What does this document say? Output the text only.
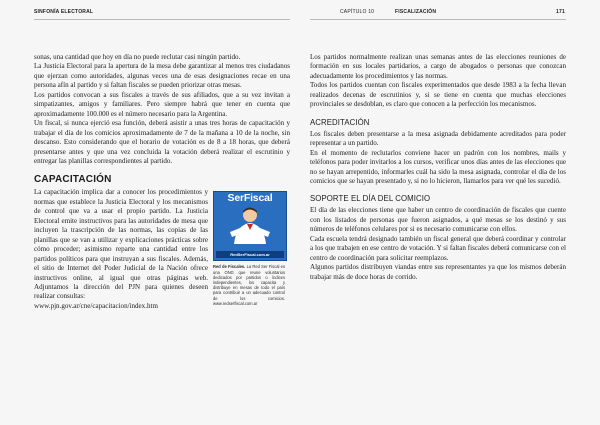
SINFONÍA ELECTORAL	CAPÍTULO 10	FISCALIZACIÓN	171

sonas, una cantidad que hoy en día no puede reclutar casi ningún partido.

La Justicia Electoral para la apertura de la mesa debe garantizar al menos tres ciudadanos que ejerzan como autoridades, algunas veces una de esas designaciones recae en una persona afín al partido y si faltan fiscales se pueden priorizar otras mesas.

Los partidos convocan a sus fiscales a través de sus afiliados, que a su vez invitan a simpatizantes, amigos y familiares. Pero siempre habrá que tener en cuenta que aproximadamente 100.000 es el número necesario para la Argentina.

Un fiscal, si nunca ejerció esa función, deberá asistir a unas tres horas de capacitación y trabajar el día de los comicios aproximadamente de 7 de la mañana a 10 de la noche, sin descanso. Esto considerando que el horario de votación es de 8 a 18 horas, que deberá presentarse antes y que una vez concluida la votación deberá realizar el escrutinio y entregar las planillas correspondientes al partido.

CAPACITACIÓN
SerFiscal
RedSerFiscal.com.ar
Red de Fiscales. La Red Ser Fiscal es una ONG que reune voluntarios dedicados por partidos o índices independientes, los capacita y distribuye en mesas de todo el país para contribuir a un adecuado control de los comicios. www.redserfiscal.com.ar

La capacitación implica dar a conocer los procedimientos y normas que establece la Justicia Electoral y los mecanismos de control que va a usar el propio partido. La Justicia Electoral emite instructivos para las autoridades de mesa que incluyen la trascripción de las normas, las copias de las planillas que se van a utilizar y explicaciones prácticas sobre cómo proceder; asimismo reparte una cantidad entre los partidos políticos para que instruyan a sus fiscales. Además, el sitio de Internet del Poder Judicial de la Nación ofrece instructivos online, al igual que otras páginas web. Adjuntamos la dirección del PJN para quienes deseen realizar consultas:

www.pjn.gov.ar/cne/capacitacion/index.htm

Los partidos normalmente realizan unas semanas antes de las elecciones reuniones de formación en sus locales partidarios, a cargo de abogados o personas que conozcan adecuadamente los procedimientos y las normas.

Todos los partidos cuentan con fiscales experimentados que desde 1983 a la fecha llevan realizados decenas de escrutinios y, si se tiene en cuenta que muchas elecciones provinciales se desdoblan, es claro que conocen a la perfección los mecanismos.

ACREDITACIÓN

Los fiscales deben presentarse a la mesa asignada debidamente acreditados para poder representar a un partido.

En el momento de reclutarlos conviene hacer un padrón con los nombres, mails y teléfonos para poder invitarlos a los cursos, verificar unos días antes de las elecciones que no se hayan arrepentido, informarles cuál ha sido la mesa asignada, controlar el día de los comicios que se hayan presentado y, si no lo hicieron, llamarlos para ver qué les sucedió.

SOPORTE EL DÍA DEL COMICIO

El día de las elecciones tiene que haber un centro de coordinación de fiscales que cuente con los listados de personas que fueron asignados, a qué mesas se los destinó y sus números de teléfonos celulares por si es necesario comunicarse con ellos.

Cada escuela tendrá designado también un fiscal general que deberá coordinar y controlar a los que trabajen en ese centro de votación. Y si faltan fiscales deberá comunicarse con el centro de coordinación para solicitar reemplazos.

Algunos partidos distribuyen viandas entre sus representantes ya que los mismos deberán trabajar más de doce horas de corrido.
